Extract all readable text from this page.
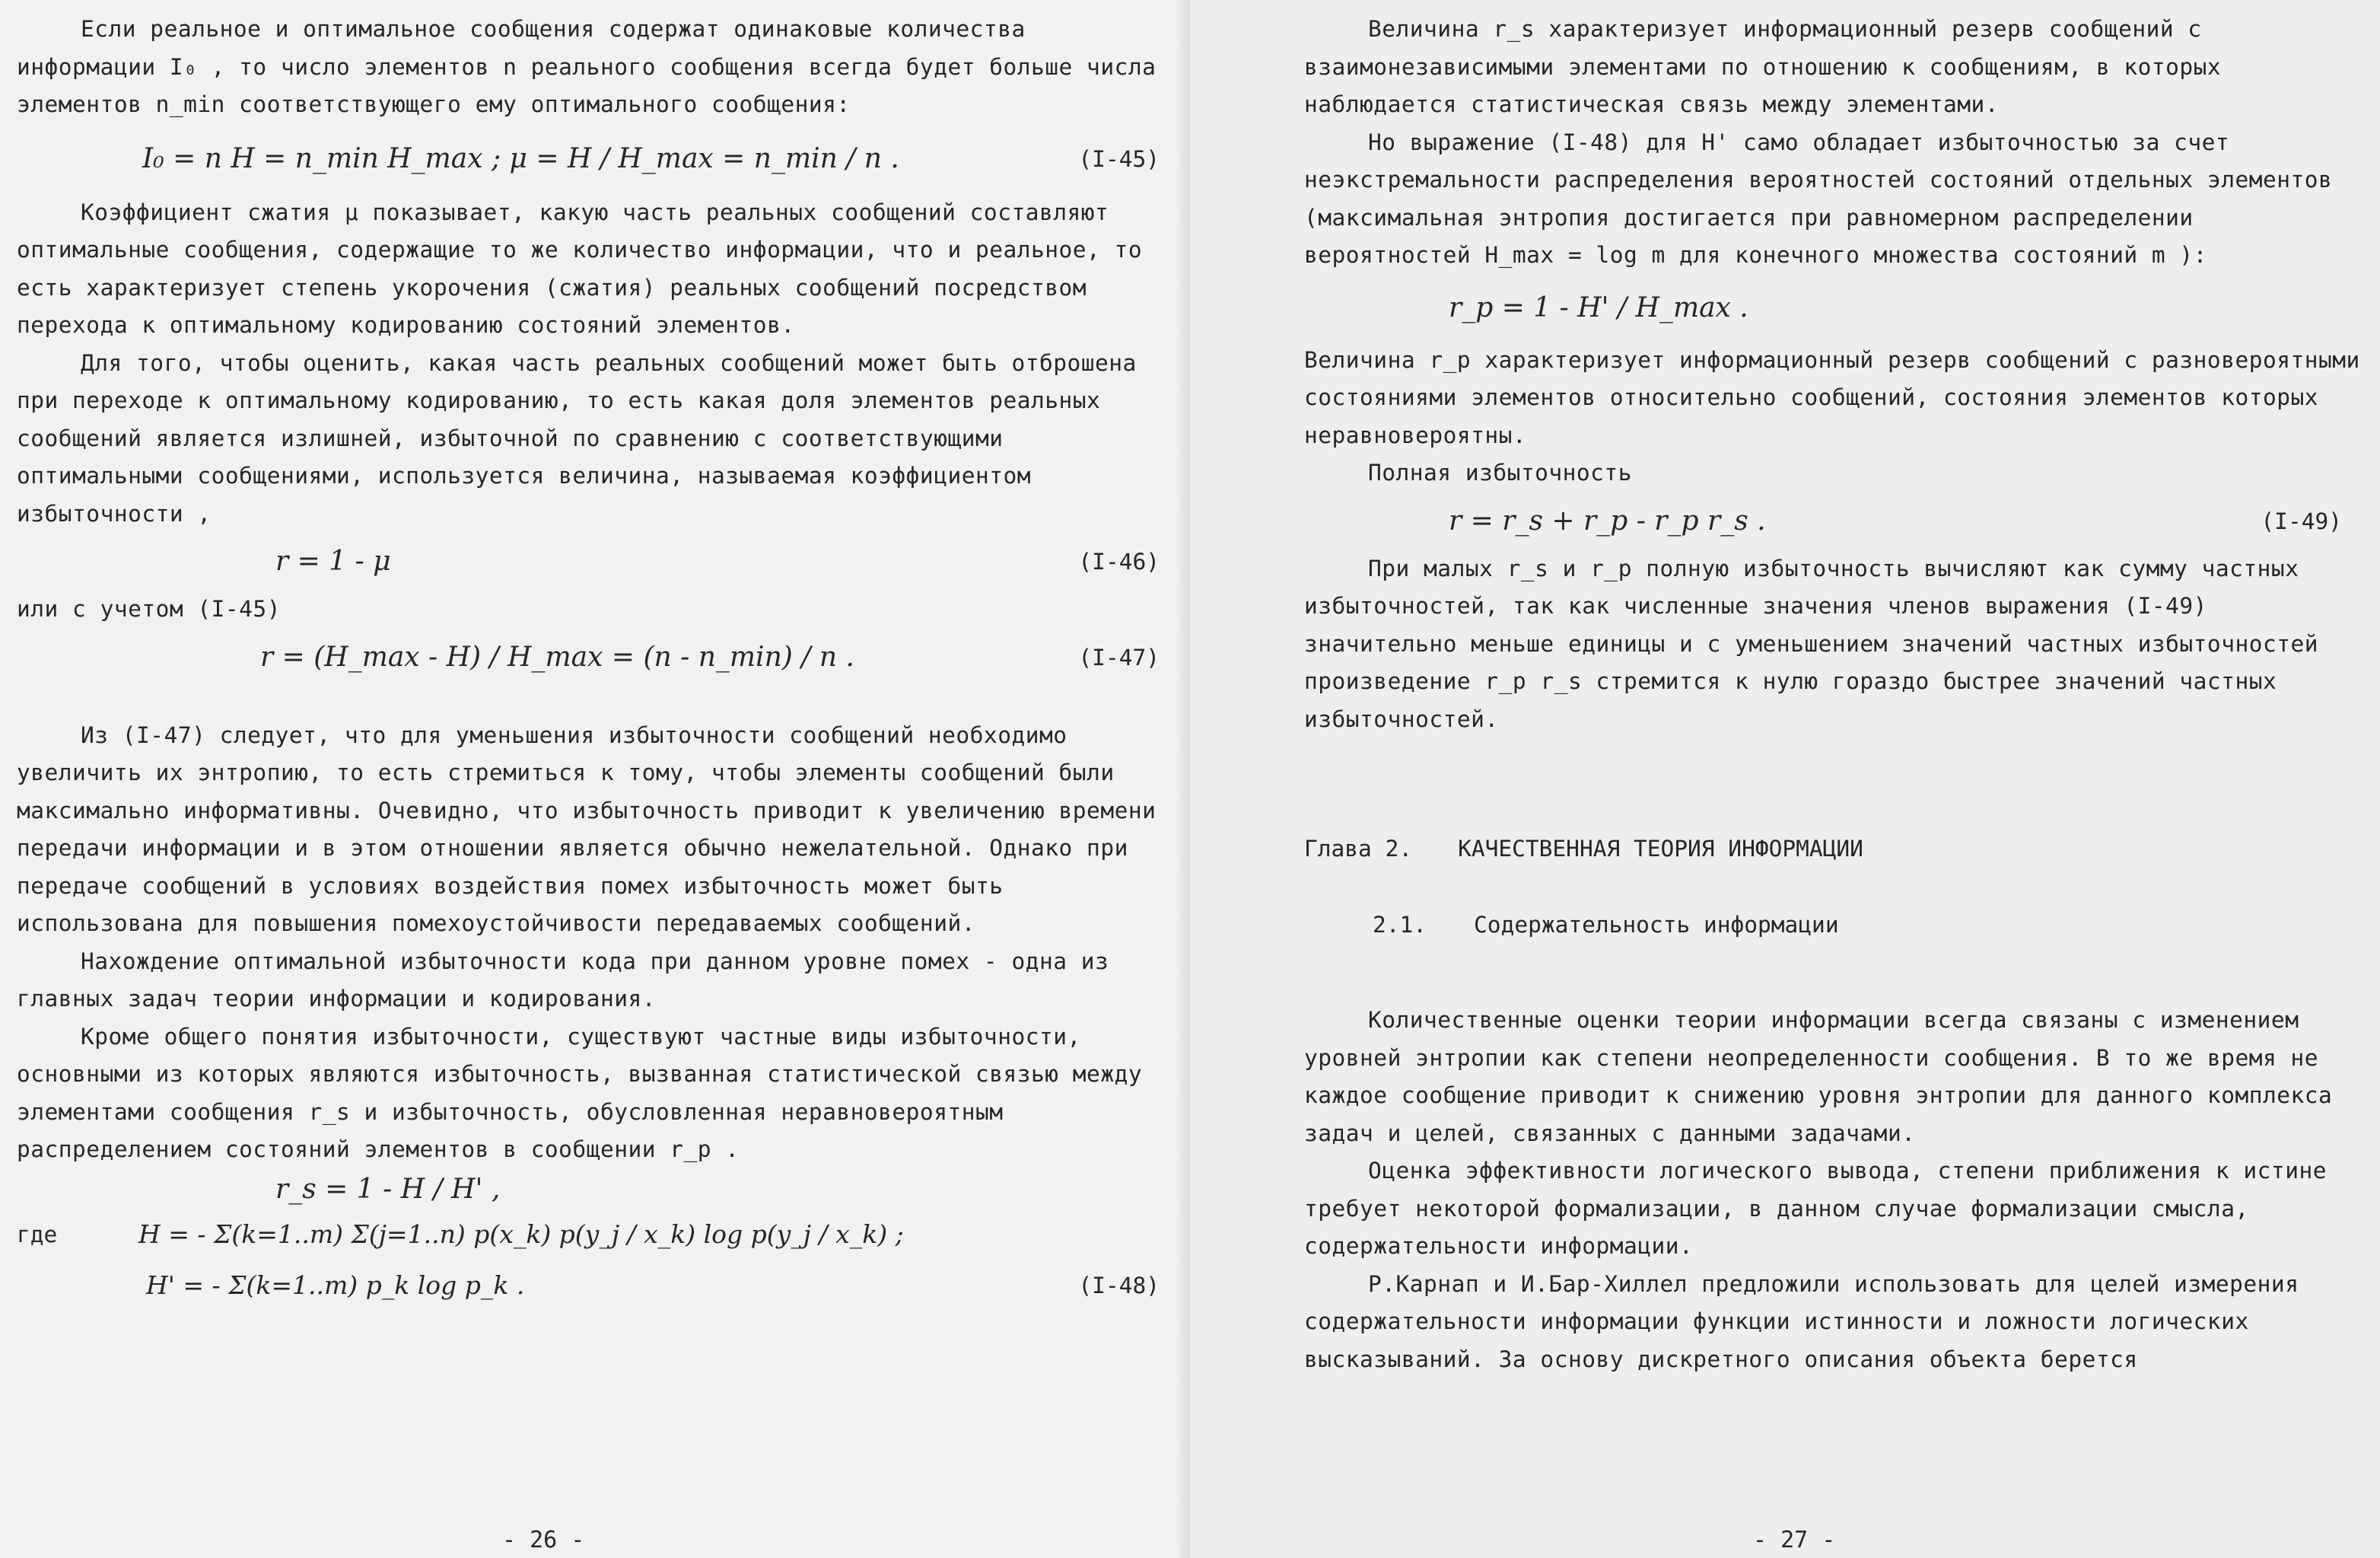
Если реальное и оптимальное сообщения содержат одинаковые количества информации I₀ , то число элементов n реального сообщения всегда будет больше числа элементов n_min соответствующего ему оптимального сообщения:

I₀ = n H = n_min H_max ; μ = H / H_max = n_min / n .	(I-45)

Коэффициент сжатия μ показывает, какую часть реальных сообщений составляют оптимальные сообщения, содержащие то же количество информации, что и реальное, то есть характеризует степень укорочения (сжатия) реальных сообщений посредством перехода к оптимальному кодированию состояний элементов.

Для того, чтобы оценить, какая часть реальных сообщений может быть отброшена при переходе к оптимальному кодированию, то есть какая доля элементов реальных сообщений является излишней, избыточной по сравнению с соответствующими оптимальными сообщениями, используется величина, называемая коэффициентом избыточности ,

r = 1 - μ	(I-46)

или с учетом (I-45)

r = (H_max - H) / H_max = (n - n_min) / n .	(I-47)

Из (I-47) следует, что для уменьшения избыточности сообщений необходимо увеличить их энтропию, то есть стремиться к тому, чтобы элементы сообщений были максимально информативны. Очевидно, что избыточность приводит к увеличению времени передачи информации и в этом отношении является обычно нежелательной. Однако при передаче сообщений в условиях воздействия помех избыточность может быть использована для повышения помехоустойчивости передаваемых сообщений.

Нахождение оптимальной избыточности кода при данном уровне помех - одна из главных задач теории информации и кодирования.

Кроме общего понятия избыточности, существуют частные виды избыточности, основными из которых являются избыточность, вызванная статистической связью между элементами сообщения r_s и избыточность, обусловленная неравновероятным распределением состояний элементов в сообщении r_p .

r_s = 1 - H / H' ,
где	H = - Σ(k=1..m) Σ(j=1..n) p(x_k) p(y_j / x_k) log p(y_j / x_k) ;
H' = - Σ(k=1..m) p_k log p_k .	(I-48)
- 26 -

Величина r_s характеризует информационный резерв сообщений с взаимонезависимыми элементами по отношению к сообщениям, в которых наблюдается статистическая связь между элементами.

Но выражение (I-48) для H' само обладает избыточностью за счет неэкстремальности распределения вероятностей состояний отдельных элементов (максимальная энтропия достигается при равномерном распределении вероятностей H_max = log m для конечного множества состояний m ):

r_p = 1 - H' / H_max .

Величина r_p характеризует информационный резерв сообщений с разновероятными состояниями элементов относительно сообщений, состояния элементов которых неравновероятны.

Полная избыточность

r = r_s + r_p - r_p r_s .	(I-49)

При малых r_s и r_p полную избыточность вычисляют как сумму частных избыточностей, так как численные значения членов выражения (I-49) значительно меньше единицы и с уменьшением значений частных избыточностей произведение r_p r_s стремится к нулю гораздо быстрее значений частных избыточностей.

Глава 2. КАЧЕСТВЕННАЯ ТЕОРИЯ ИНФОРМАЦИИ
2.1. Содержательность информации

Количественные оценки теории информации всегда связаны с изменением уровней энтропии как степени неопределенности сообщения. В то же время не каждое сообщение приводит к снижению уровня энтропии для данного комплекса задач и целей, связанных с данными задачами.

Оценка эффективности логического вывода, степени приближения к истине требует некоторой формализации, в данном случае формализации смысла, содержательности информации.

Р.Карнап и И.Бар-Хиллел предложили использовать для целей измерения содержательности информации функции истинности и ложности логических высказываний. За основу дискретного описания объекта берется

- 27 -
